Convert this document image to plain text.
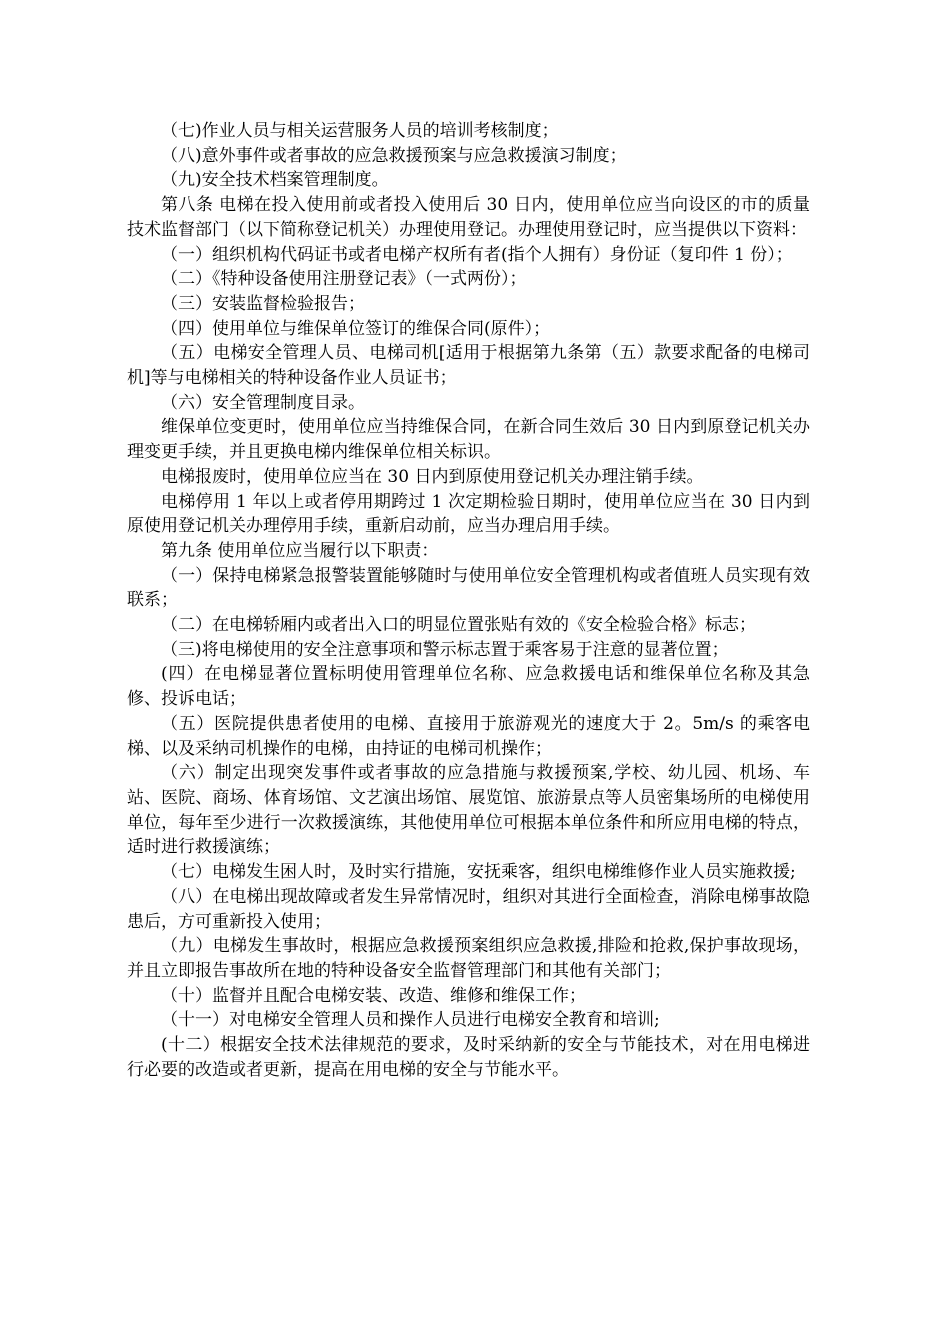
（七)作业人员与相关运营服务人员的培训考核制度；

（八)意外事件或者事故的应急救援预案与应急救援演习制度；

（九)安全技术档案管理制度。

第八条 电梯在投入使用前或者投入使用后 30 日内，使用单位应当向设区的市的质量技术监督部门（以下简称登记机关）办理使用登记。办理使用登记时，应当提供以下资料：

（一）组织机构代码证书或者电梯产权所有者(指个人拥有）身份证（复印件 1 份）；

（二）《特种设备使用注册登记表》（一式两份）；

（三）安装监督检验报告；

（四）使用单位与维保单位签订的维保合同(原件）；

（五）电梯安全管理人员、电梯司机[适用于根据第九条第（五）款要求配备的电梯司机]等与电梯相关的特种设备作业人员证书；

（六）安全管理制度目录。

维保单位变更时，使用单位应当持维保合同，在新合同生效后 30 日内到原登记机关办理变更手续，并且更换电梯内维保单位相关标识。

电梯报废时，使用单位应当在 30 日内到原使用登记机关办理注销手续。

电梯停用 1 年以上或者停用期跨过 1 次定期检验日期时，使用单位应当在 30 日内到原使用登记机关办理停用手续，重新启动前，应当办理启用手续。

第九条 使用单位应当履行以下职责：

（一）保持电梯紧急报警装置能够随时与使用单位安全管理机构或者值班人员实现有效联系；

（二）在电梯轿厢内或者出入口的明显位置张贴有效的《安全检验合格》标志；

（三)将电梯使用的安全注意事项和警示标志置于乘客易于注意的显著位置；

(四）在电梯显著位置标明使用管理单位名称、应急救援电话和维保单位名称及其急修、投诉电话；

（五）医院提供患者使用的电梯、直接用于旅游观光的速度大于 2。5m/s 的乘客电梯、以及采纳司机操作的电梯，由持证的电梯司机操作；

（六）制定出现突发事件或者事故的应急措施与救援预案,学校、幼儿园、机场、车站、医院、商场、体育场馆、文艺演出场馆、展览馆、旅游景点等人员密集场所的电梯使用单位，每年至少进行一次救援演练，其他使用单位可根据本单位条件和所应用电梯的特点，适时进行救援演练；

（七）电梯发生困人时，及时实行措施，安抚乘客，组织电梯维修作业人员实施救援;

（八）在电梯出现故障或者发生异常情况时，组织对其进行全面检查，消除电梯事故隐患后，方可重新投入使用；

（九）电梯发生事故时，根据应急救援预案组织应急救援,排险和抢救,保护事故现场，并且立即报告事故所在地的特种设备安全监督管理部门和其他有关部门；

（十）监督并且配合电梯安装、改造、维修和维保工作；

（十一）对电梯安全管理人员和操作人员进行电梯安全教育和培训;

(十二）根据安全技术法律规范的要求，及时采纳新的安全与节能技术，对在用电梯进行必要的改造或者更新，提高在用电梯的安全与节能水平。
